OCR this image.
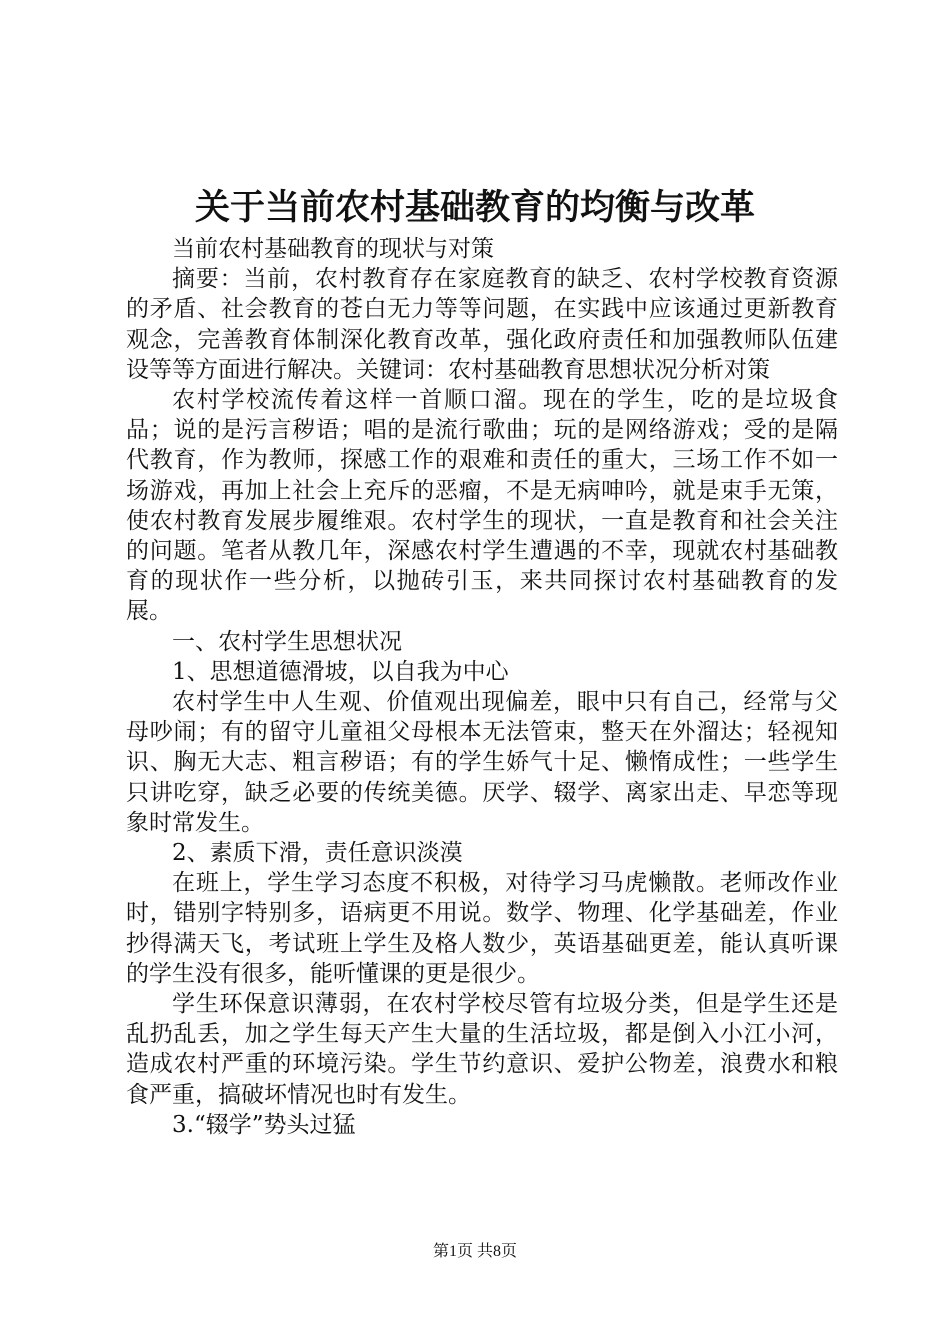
关于当前农村基础教育的均衡与改革

当前农村基础教育的现状与对策

摘要：当前，农村教育存在家庭教育的缺乏、农村学校教育资源的矛盾、社会教育的苍白无力等等问题，在实践中应该通过更新教育观念，完善教育体制深化教育改革，强化政府责任和加强教师队伍建设等等方面进行解决。关键词：农村基础教育思想状况分析对策

农村学校流传着这样一首顺口溜。现在的学生，吃的是垃圾食品；说的是污言秽语；唱的是流行歌曲；玩的是网络游戏；受的是隔代教育，作为教师，探感工作的艰难和责任的重大，三场工作不如一场游戏，再加上社会上充斥的恶瘤，不是无病呻吟，就是束手无策，使农村教育发展步履维艰。农村学生的现状，一直是教育和社会关注的问题。笔者从教几年，深感农村学生遭遇的不幸，现就农村基础教育的现状作一些分析，以抛砖引玉，来共同探讨农村基础教育的发展。

一、农村学生思想状况

1、思想道德滑坡，以自我为中心

农村学生中人生观、价值观出现偏差，眼中只有自己，经常与父母吵闹；有的留守儿童祖父母根本无法管束，整天在外溜达；轻视知识、胸无大志、粗言秽语；有的学生娇气十足、懒惰成性；一些学生只讲吃穿，缺乏必要的传统美德。厌学、辍学、离家出走、早恋等现象时常发生。

2、素质下滑，责任意识淡漠

在班上，学生学习态度不积极，对待学习马虎懒散。老师改作业时，错别字特别多，语病更不用说。数学、物理、化学基础差，作业抄得满天飞，考试班上学生及格人数少，英语基础更差，能认真听课的学生没有很多，能听懂课的更是很少。

学生环保意识薄弱，在农村学校尽管有垃圾分类，但是学生还是乱扔乱丢，加之学生每天产生大量的生活垃圾，都是倒入小江小河，造成农村严重的环境污染。学生节约意识、爱护公物差，浪费水和粮食严重，搞破坏情况也时有发生。

3.“辍学”势头过猛

第1页 共8页
